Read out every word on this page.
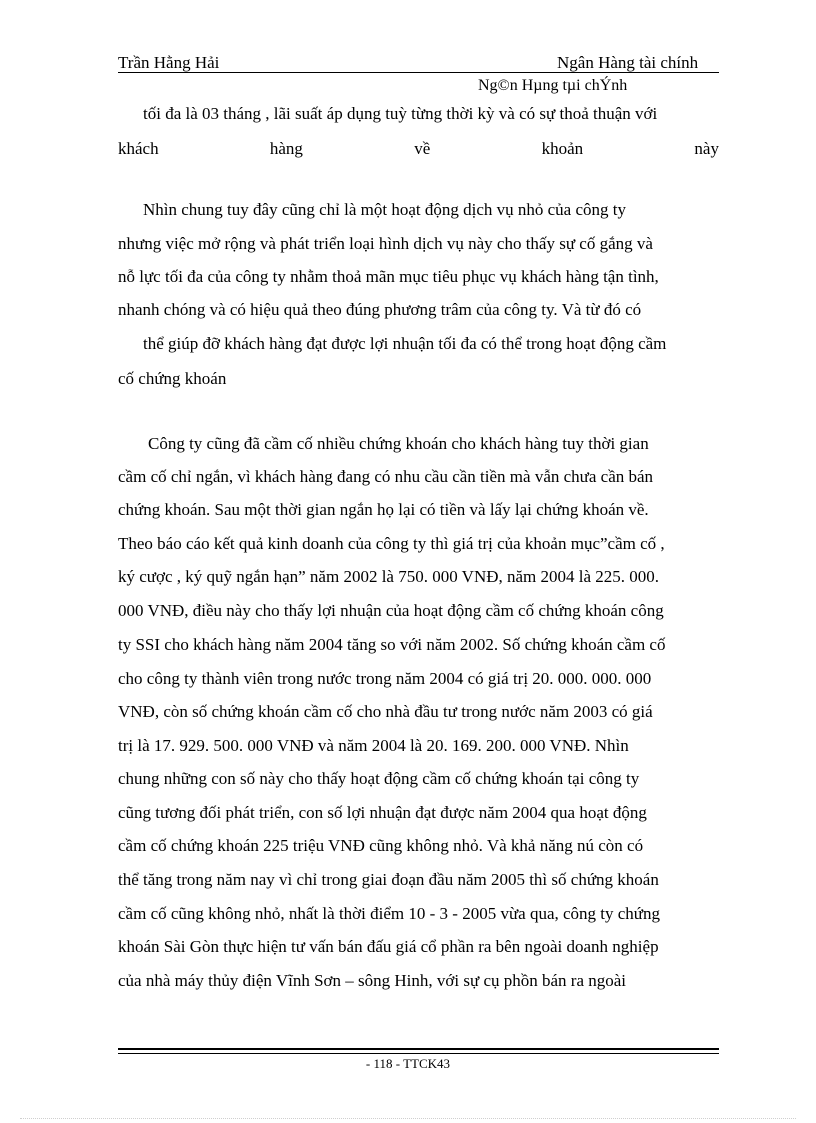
Trần Hằng Hải	Ngân Hàng tài chính
Ng©n Hµng tµi chÝnh
tối đa là 03 tháng , lãi suất áp dụng tuỳ từng thời kỳ và có sự thoả thuận với
khách	hàng	về	khoản	này
Nhìn chung tuy đây cũng chỉ là một hoạt động dịch vụ nhỏ của công ty
nhưng việc mở rộng và phát triển loại hình dịch vụ này cho thấy sự cố gắng và
nỗ lực tối đa của công ty nhằm thoả mãn mục tiêu phục vụ khách hàng tận tình,
nhanh chóng và có hiệu quả theo đúng phương trâm của công ty. Và từ đó có
thể giúp đỡ khách hàng đạt được lợi nhuận tối đa có thể trong hoạt động cầm
cố chứng khoán
Công ty cũng đã cầm cố nhiều chứng khoán cho khách hàng tuy thời gian
cầm cố chỉ ngắn, vì khách hàng đang có nhu cầu cần tiền mà vẫn chưa cần bán
chứng khoán. Sau một thời gian ngắn họ lại có tiền và lấy lại chứng khoán về.
Theo báo cáo kết quả kinh doanh của công ty thì giá trị của khoản mục”cầm cố ,
ký cược , ký quỹ ngắn hạn” năm 2002 là 750. 000 VNĐ, năm 2004 là 225. 000.
000 VNĐ, điều này cho thấy lợi nhuận của hoạt động cầm cố chứng khoán công
ty SSI cho khách hàng năm 2004 tăng so với năm 2002. Số chứng khoán cầm cố
cho công ty thành viên trong nước trong năm 2004 có giá trị 20. 000. 000. 000
VNĐ, còn số chứng khoán cầm cố cho nhà đầu tư trong nước năm 2003 có giá
trị là 17. 929. 500. 000 VNĐ và năm 2004 là 20. 169. 200. 000 VNĐ. Nhìn
chung những con số này cho thấy hoạt động cầm cố chứng khoán tại công ty
cũng tương đối phát triển, con số lợi nhuận đạt được năm 2004 qua hoạt động
cầm cố chứng khoán 225 triệu VNĐ cũng không nhỏ. Và khả năng nú còn có
thể tăng trong năm nay vì chỉ trong giai đoạn đầu năm 2005 thì số chứng khoán
cầm cố cũng không nhỏ, nhất là thời điểm 10 - 3 - 2005 vừa qua, công ty chứng
khoán Sài Gòn thực hiện tư vấn bán đấu giá cổ phần ra bên ngoài doanh nghiệp
của nhà máy thủy điện Vĩnh Sơn – sông Hinh, với sự cụ phồn bán ra ngoài
- 118 - TTCK43
